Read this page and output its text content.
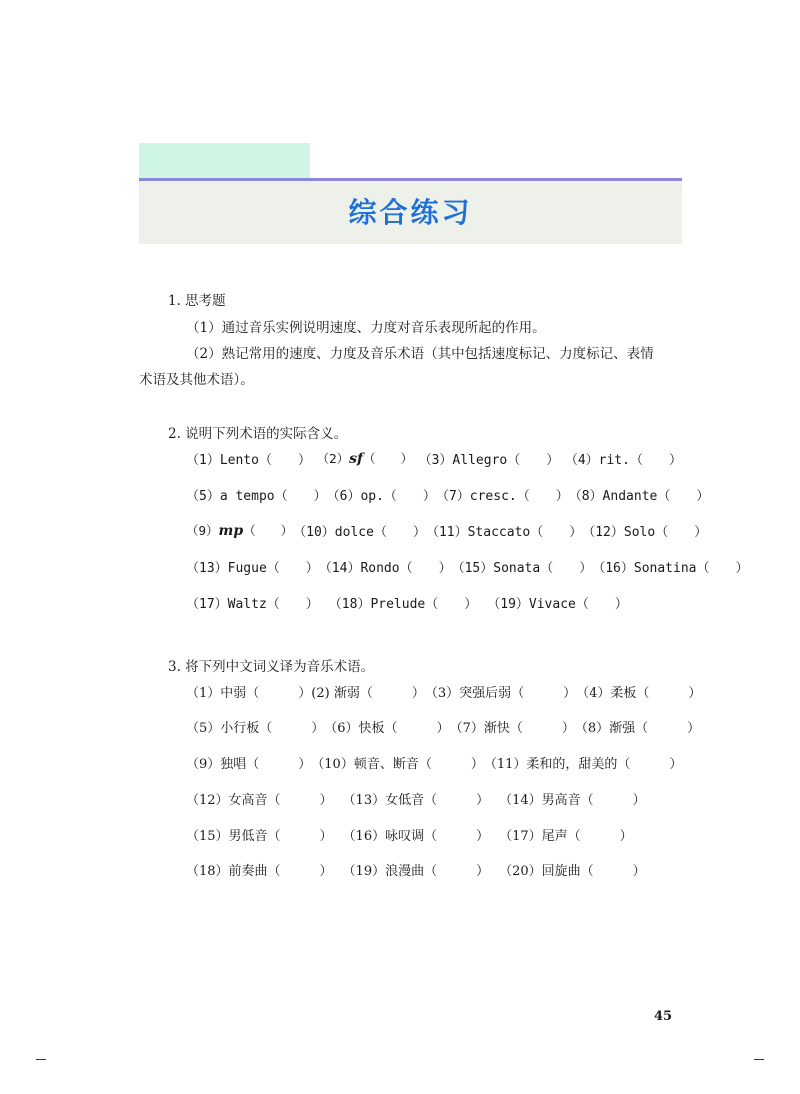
综合练习
1. 思考题
（1）通过音乐实例说明速度、力度对音乐表现所起的作用。
（2）熟记常用的速度、力度及音乐术语（其中包括速度标记、力度标记、表情
术语及其他术语）。
2. 说明下列术语的实际含义。
（1）Lento（　　） （2）sf（　　） （3）Allegro（　　） （4）rit.（　　）
（5）a tempo（　　） （6）op.（　　） （7）cresc.（　　） （8）Andante（　　）
（9）mp（　　） （10）dolce（　　） （11）Staccato（　　） （12）Solo（　　）
（13）Fugue（　　） （14）Rondo（　　） （15）Sonata（　　） （16）Sonatina（　　）
（17）Waltz（　　） （18）Prelude（　　） （19）Vivace（　　）
3. 将下列中文词义译为音乐术语。
（1）中弱（　　　） (2) 渐弱（　　　） （3）突强后弱（　　　） （4）柔板（　　　）
（5）小行板（　　　） （6）快板（　　　） （7）渐快（　　　） （8）渐强（　　　）
（9）独唱（　　　） （10）顿音、断音（　　　） （11）柔和的，甜美的（　　　）
（12）女高音（　　　） （13）女低音（　　　） （14）男高音（　　　）
（15）男低音（　　　） （16）咏叹调（　　　） （17）尾声（　　　）
（18）前奏曲（　　　） （19）浪漫曲（　　　） （20）回旋曲（　　　）
45
